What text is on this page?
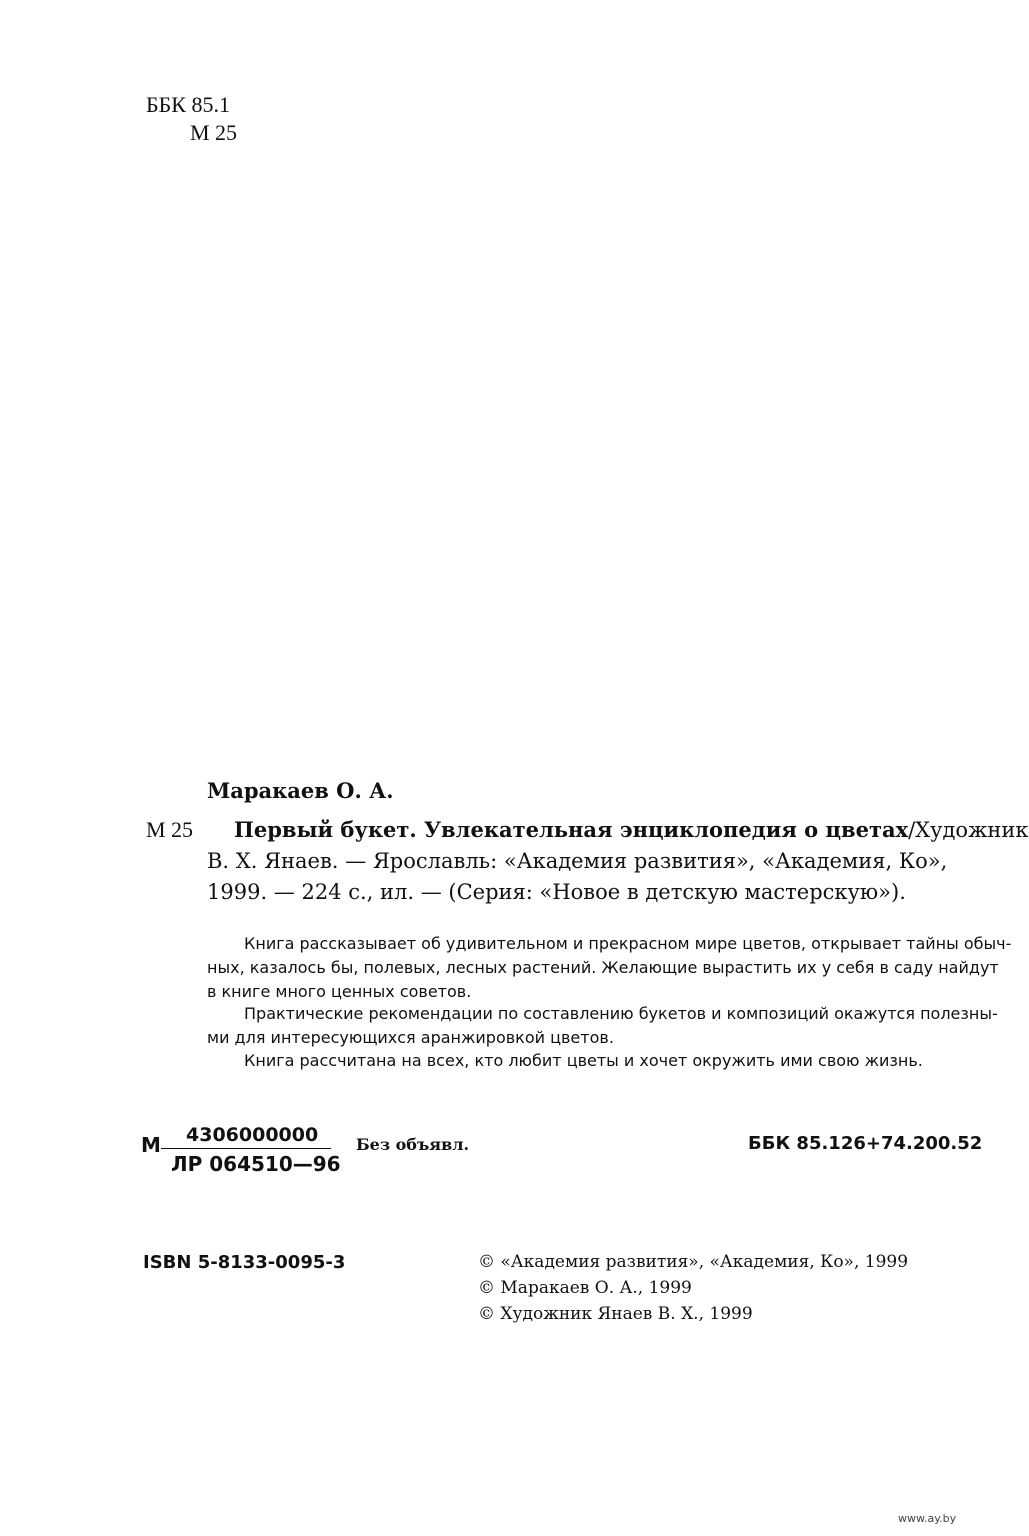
ББК 85.1
М 25
Маракаев О. А.
М 25 Первый букет. Увлекательная энциклопедия о цветах/Художник
В. Х. Янаев. — Ярославль: «Академия развития», «Академия, Ко»,
1999. — 224 с., ил. — (Серия: «Новое в детскую мастерскую»).
Книга рассказывает об удивительном и прекрасном мире цветов, открывает тайны обыч-
ных, казалось бы, полевых, лесных растений. Желающие вырастить их у себя в саду найдут
в книге много ценных советов.
Практические рекомендации по составлению букетов и композиций окажутся полезны-
ми для интересующихся аранжировкой цветов.
Книга рассчитана на всех, кто любит цветы и хочет окружить ими свою жизнь.
М 4306000000
ЛР 064510—96
Без объявл.	ББК 85.126+74.200.52
ISBN 5-8133-0095-3	© «Академия развития», «Академия, Ко», 1999
© Маракаев О. А., 1999
© Художник Янаев В. Х., 1999
www.ay.by
